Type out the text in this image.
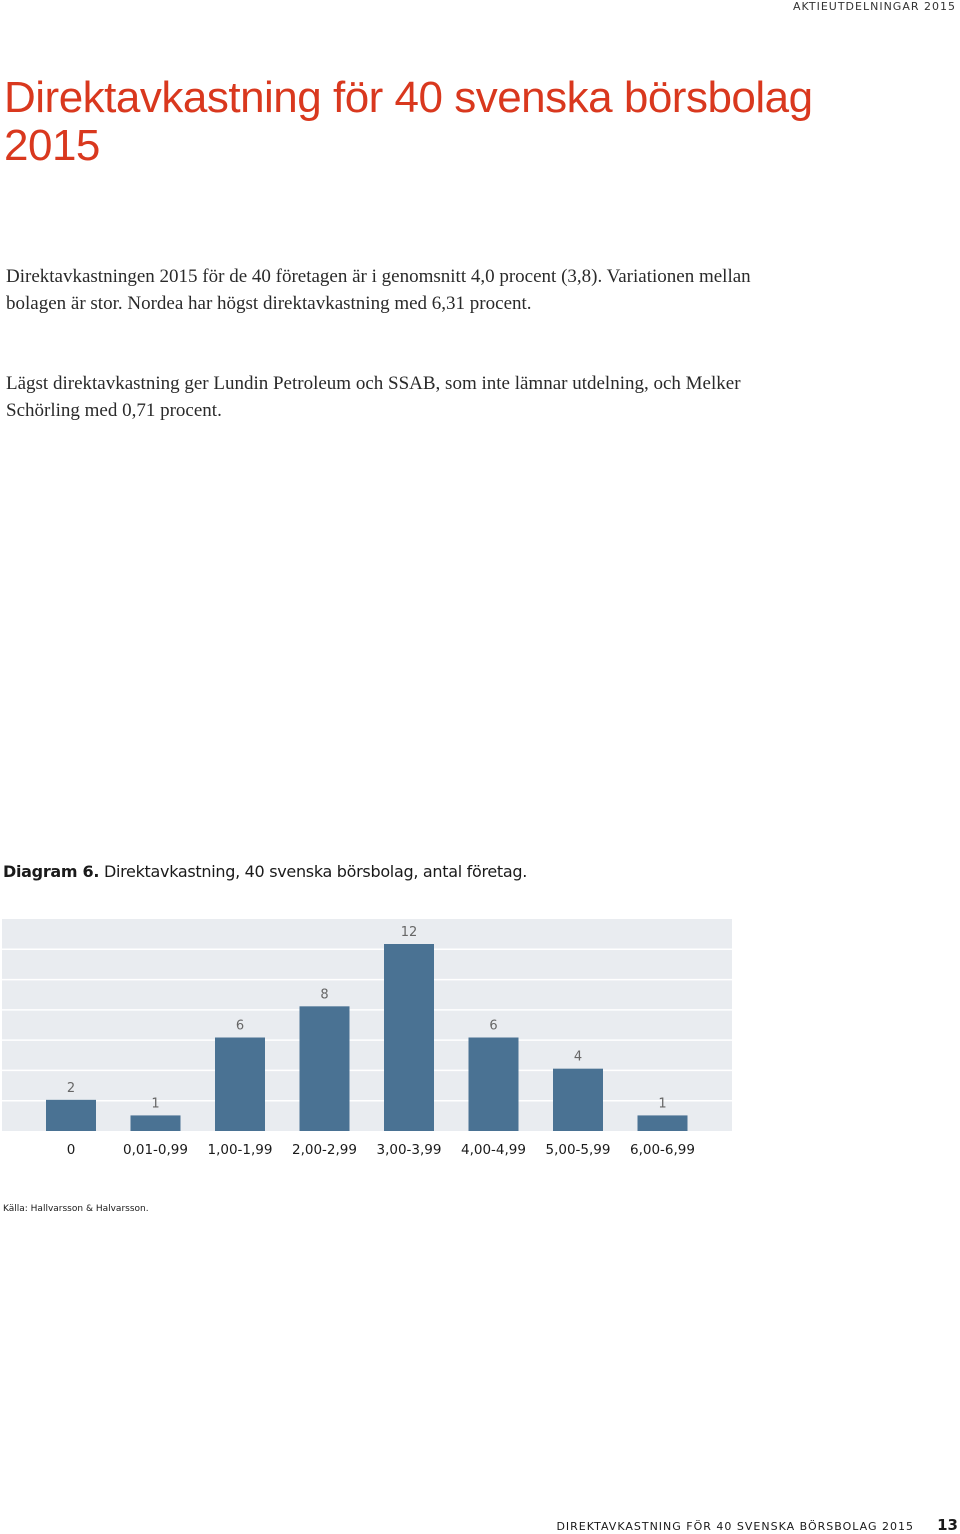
AKTIEUTDELNINGAR 2015
Direktavkastning för 40 svenska börsbolag 2015

Direktavkastningen 2015 för de 40 företagen är i genomsnitt 4,0 procent (3,8). Variationen mellan bolagen är stor. Nordea har högst direktavkastning med 6,31 procent.

Lägst direktavkastning ger Lundin Petroleum och SSAB, som inte lämnar utdelning, och Melker Schörling med 0,71 procent.

Diagram 6. Direktavkastning, 40 svenska börsbolag, antal företag.

2
0
1
0,01-0,99
6
1,00-1,99
8
2,00-2,99
12
3,00-3,99
6
4,00-4,99
4
5,00-5,99
1
6,00-6,99
Källa: Hallvarsson & Halvarsson.
DIREKTAVKASTNING FÖR 40 SVENSKA BÖRSBOLAG 2015 13
